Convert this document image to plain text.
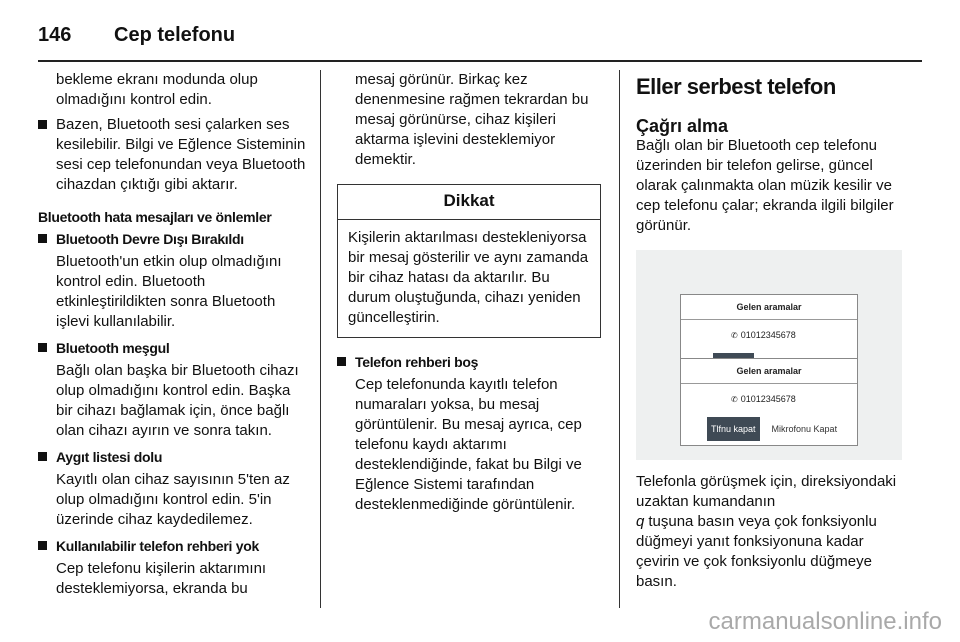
146	Cep telefonu
bekleme ekranı modunda olup olmadığını kontrol edin.
Bazen, Bluetooth sesi çalarken ses kesilebilir. Bilgi ve Eğlence Sisteminin sesi cep telefonundan veya Bluetooth cihazdan çıktığı gibi aktarır.
Bluetooth hata mesajları ve önlemler
Bluetooth Devre Dışı Bırakıldı
Bluetooth'un etkin olup olmadığını kontrol edin. Bluetooth etkinleştirildikten sonra Bluetooth işlevi kullanılabilir.
Bluetooth meşgul
Bağlı olan başka bir Bluetooth cihazı olup olmadığını kontrol edin. Başka bir cihazı bağlamak için, önce bağlı olan cihazı ayırın ve sonra takın.
Aygıt listesi dolu
Kayıtlı olan cihaz sayısının 5'ten az olup olmadığını kontrol edin. 5'in üzerinde cihaz kaydedilemez.
Kullanılabilir telefon rehberi yok
Cep telefonu kişilerin aktarımını desteklemiyorsa, ekranda bu
mesaj görünür. Birkaç kez denenmesine rağmen tekrardan bu mesaj görünürse, cihaz kişileri aktarma işlevini desteklemiyor demektir.
Dikkat
Kişilerin aktarılması destekleniyorsa bir mesaj gösterilir ve aynı zamanda bir cihaz hatası da aktarılır. Bu durum oluştuğunda, cihazı yeniden güncelleştirin.
Telefon rehberi boş
Cep telefonunda kayıtlı telefon numaraları yoksa, bu mesaj görüntülenir. Bu mesaj ayrıca, cep telefonu kaydı aktarımı desteklendiğinde, fakat bu Bilgi ve Eğlence Sistemi tarafından desteklenmediğinde görüntülenir.
Eller serbest telefon
Çağrı alma
Bağlı olan bir Bluetooth cep telefonu üzerinden bir telefon gelirse, güncel olarak çalınmakta olan müzik kesilir ve cep telefonu çalar; ekranda ilgili bilgiler görünür.
Gelen aramalar
✆ 01012345678
Gelen aramalar
✆ 01012345678
Tlfnu kapat	Mikrofonu Kapat
Telefonla görüşmek için, direksiyondaki uzaktan kumandanın
q tuşuna basın veya çok fonksiyonlu düğmeyi yanıt fonksiyonuna kadar çevirin ve çok fonksiyonlu düğmeye basın.
carmanualsonline.info
